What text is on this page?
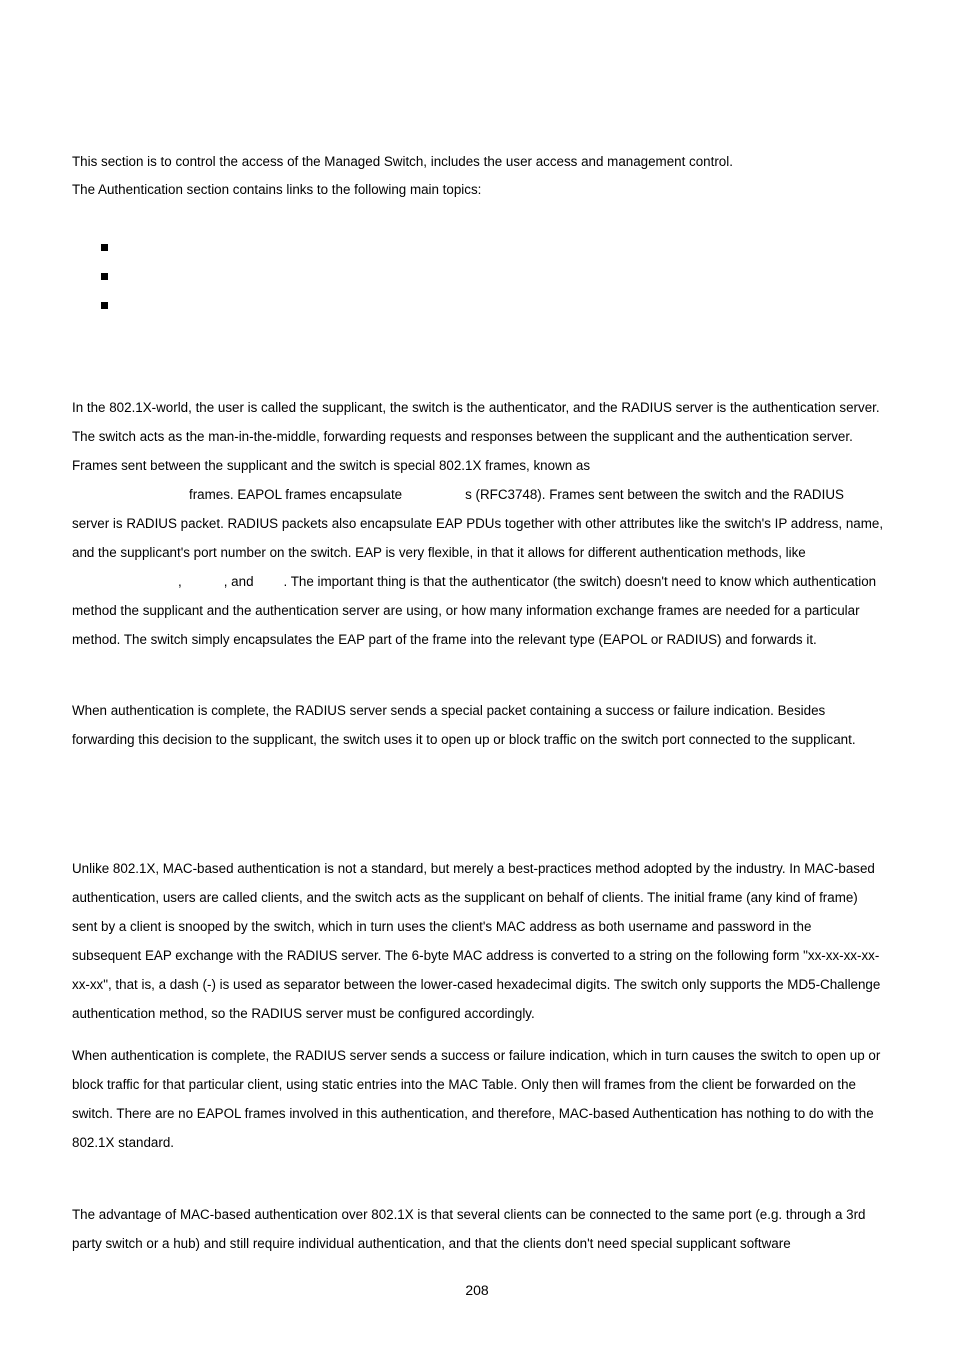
This section is to control the access of the Managed Switch, includes the user access and management control.

The Authentication section contains links to the following main topics:

In the 802.1X-world, the user is called the supplicant, the switch is the authenticator, and the RADIUS server is the authentication server. The switch acts as the man-in-the-middle, forwarding requests and responses between the supplicant and the authentication server. Frames sent between the supplicant and the switch is special 802.1X frames, known as
frames. EAPOL frames encapsulate	s (RFC3748). Frames sent between the switch and the RADIUS server is RADIUS packet. RADIUS packets also encapsulate EAP PDUs together with other attributes like the switch's IP address, name, and the supplicant's port number on the switch. EAP is very flexible, in that it allows for different authentication methods, like,	, and . The important thing is that the authenticator (the switch) doesn't need to know which authentication method the supplicant and the authentication server are using, or how many information exchange frames are needed for a particular method. The switch simply encapsulates the EAP part of the frame into the relevant type (EAPOL or RADIUS) and forwards it.

When authentication is complete, the RADIUS server sends a special packet containing a success or failure indication. Besides forwarding this decision to the supplicant, the switch uses it to open up or block traffic on the switch port connected to the supplicant.

Unlike 802.1X, MAC-based authentication is not a standard, but merely a best-practices method adopted by the industry. In MAC-based authentication, users are called clients, and the switch acts as the supplicant on behalf of clients. The initial frame (any kind of frame) sent by a client is snooped by the switch, which in turn uses the client's MAC address as both username and password in the subsequent EAP exchange with the RADIUS server. The 6-byte MAC address is converted to a string on the following form "xx-xx-xx-xx-xx-xx", that is, a dash (-) is used as separator between the lower-cased hexadecimal digits. The switch only supports the MD5-Challenge authentication method, so the RADIUS server must be configured accordingly.

When authentication is complete, the RADIUS server sends a success or failure indication, which in turn causes the switch to open up or block traffic for that particular client, using static entries into the MAC Table. Only then will frames from the client be forwarded on the switch. There are no EAPOL frames involved in this authentication, and therefore, MAC-based Authentication has nothing to do with the 802.1X standard.

The advantage of MAC-based authentication over 802.1X is that several clients can be connected to the same port (e.g. through a 3rd party switch or a hub) and still require individual authentication, and that the clients don't need special supplicant software

208
